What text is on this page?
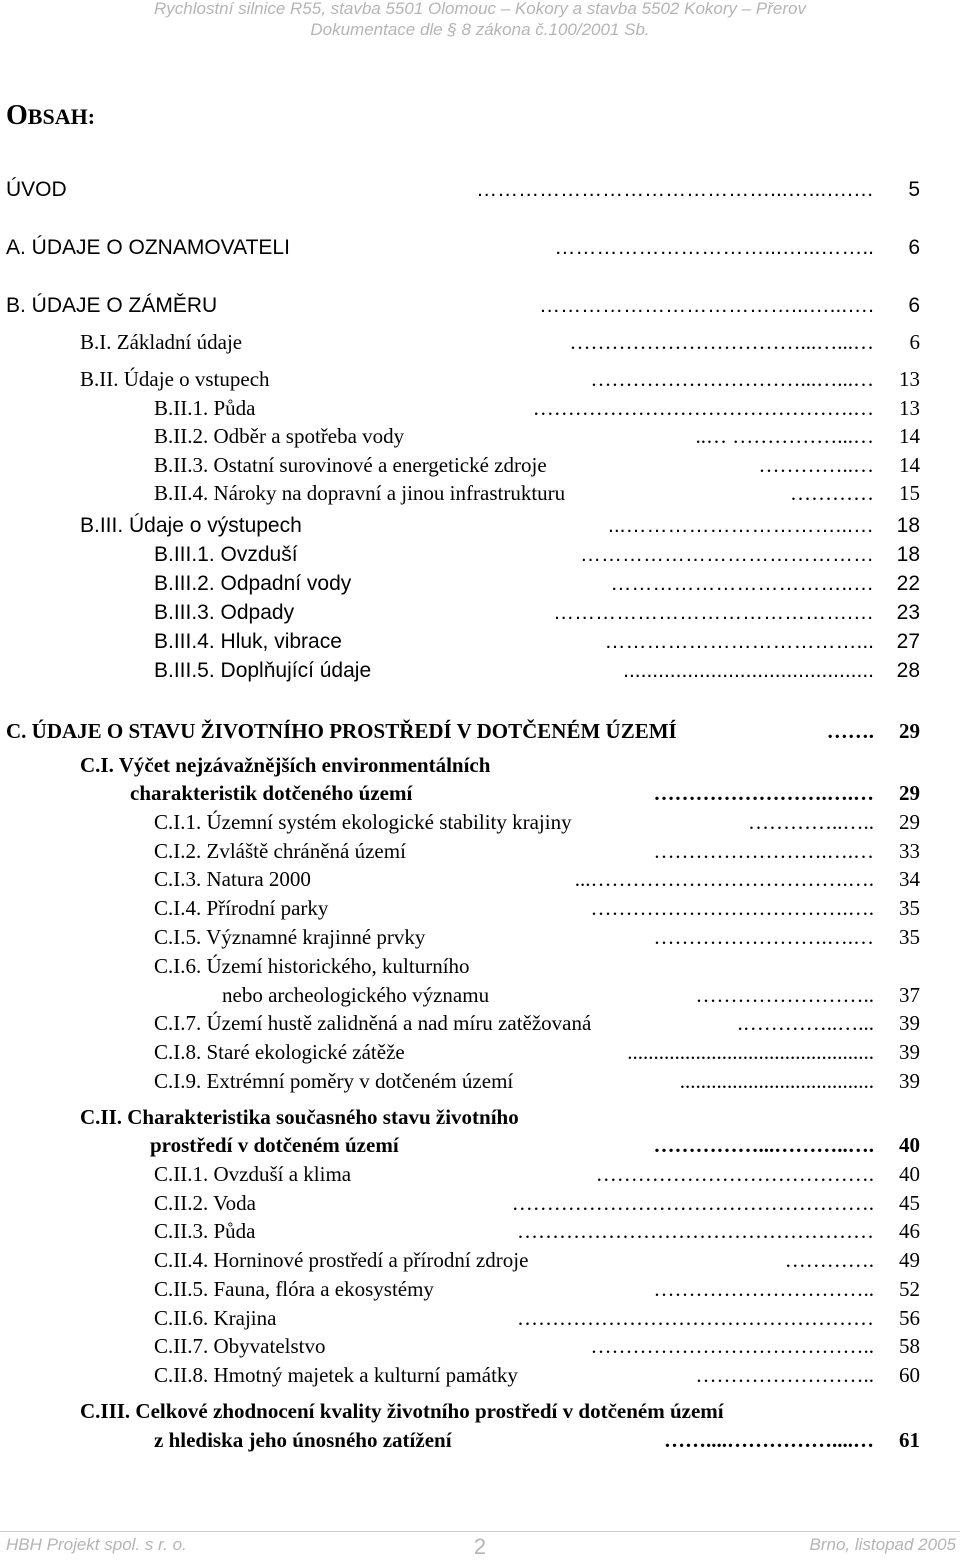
Rychlostní silnice R55, stavba 5501 Olomouc – Kokory a stavba 5502 Kokory – Přerov
Dokumentace dle § 8 zákona č.100/2001 Sb.
OBSAH:
ÚVOD	……………………………………...…...….…	5
A. ÚDAJE O OZNAMOVATELI	…………………………...…...……..	6
B. ÚDAJE O ZÁMĚRU	………………………………...…...….	6
B.I. Základní údaje	……………………………...…...…	6
B.II. Údaje o vstupech	…………………………...…...…	13
B.II.1. Půda	……………………………………….…	13
B.II.2. Odběr a spotřeba vody	..… ……………...…	14
B.II.3. Ostatní surovinové a energetické zdroje	…………..…	14
B.II.4. Nároky na dopravní a jinou infrastrukturu	…………	15
B.III. Údaje o výstupech	...…………………………...…	18
B.III.1. Ovzduší	……………………………………	18
B.III.2. Odpadní vody	……………………………..…	22
B.III.3. Odpady	…………………………………….…	23
B.III.4. Hluk, vibrace	………………………………...	27
B.III.5. Doplňující údaje	...........................................	28
C. ÚDAJE O STAVU ŽIVOTNÍHO PROSTŘEDÍ V DOTČENÉM ÚZEMÍ	…….	29
C.I. Výčet nejzávažnějších environmentálních
charakteristik dotčeného území	…………………….….…	29
C.I.1. Územní systém ekologické stability krajiny	…………..…..	29
C.I.2. Zvláště chráněná území	…………………….….…	33
C.I.3. Natura 2000	...……………………………….….	34
C.I.4. Přírodní parky	……………………………….….	35
C.I.5. Významné krajinné prvky	…………………….….…	35
C.I.6. Území historického, kulturního
nebo archeologického významu	……………………..	37
C.I.7. Území hustě zalidněná a nad míru zatěžovaná	.…………..…...	39
C.I.8. Staré ekologické zátěže	...............................................	39
C.I.9. Extrémní poměry v dotčeném území	.....................................	39
C.II. Charakteristika současného stavu životního
prostředí v dotčeném území	……………...………..….	40
C.II.1. Ovzduší a klima	………………………………….	40
C.II.2. Voda	…………………………………………….	45
C.II.3. Půda	……………………………………………	46
C.II.4. Horninové prostředí a přírodní zdroje	………….	49
C.II.5. Fauna, flóra a ekosystémy	…………………………..	52
C.II.6. Krajina	……………………………………………	56
C.II.7. Obyvatelstvo	…………………………………..	58
C.II.8. Hmotný majetek a kulturní památky	……………………..	60
C.III. Celkové zhodnocení kvality životního prostředí v dotčeném území
z hlediska jeho únosného zatížení	……....……………....…	61
HBH Projekt spol. s r. o.	2	Brno, listopad 2005
